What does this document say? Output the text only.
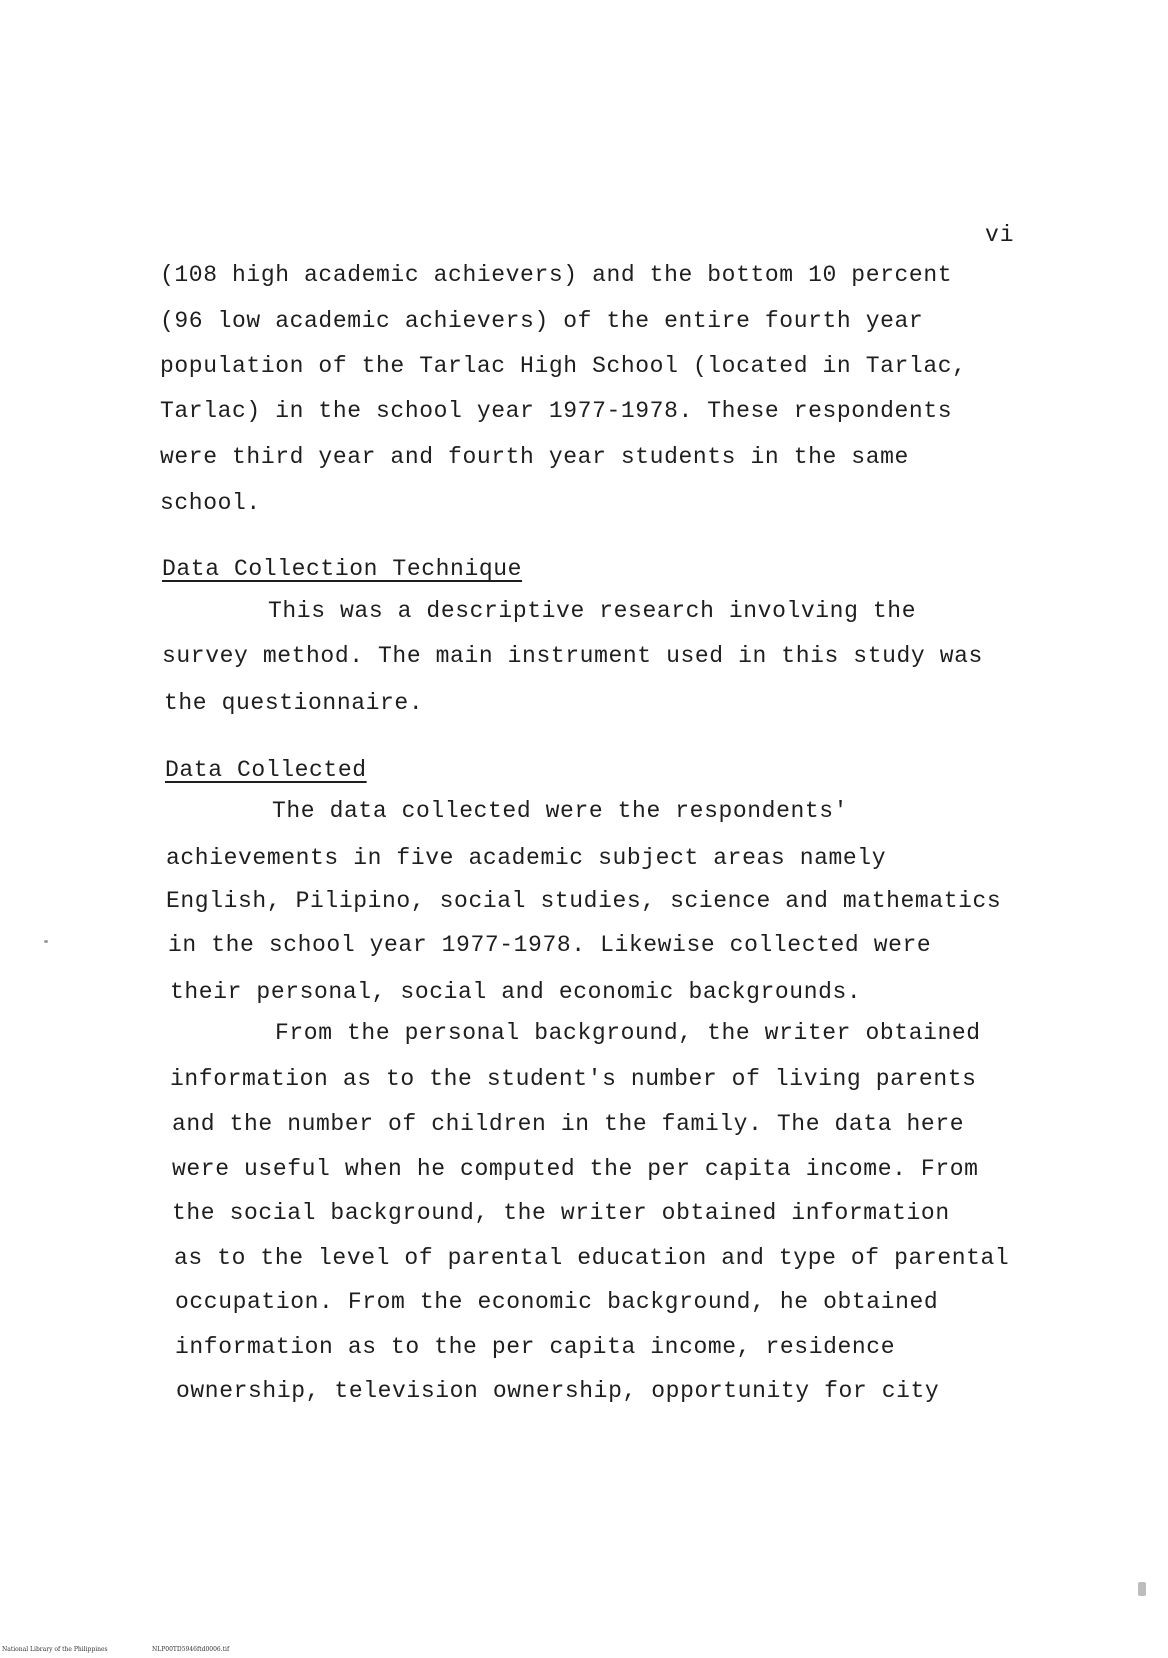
vi
(108 high academic achievers) and the bottom 10 percent
(96 low academic achievers) of the entire fourth year
population of the Tarlac High School (located in Tarlac,
Tarlac) in the school year 1977-1978. These respondents
were third year and fourth year students in the same
school.
Data Collection Technique
This was a descriptive research involving the
survey method. The main instrument used in this study was
the questionnaire.
Data Collected
The data collected were the respondents'
achievements in five academic subject areas namely
English, Pilipino, social studies, science and mathematics
in the school year 1977-1978. Likewise collected were
their personal, social and economic backgrounds.
From the personal background, the writer obtained
information as to the student's number of living parents
and the number of children in the family. The data here
were useful when he computed the per capita income. From
the social background, the writer obtained information
as to the level of parental education and type of parental
occupation. From the economic background, he obtained
information as to the per capita income, residence
ownership, television ownership, opportunity for city
National Library of the Philippines	NLP00TD5946ftd0006.tif
